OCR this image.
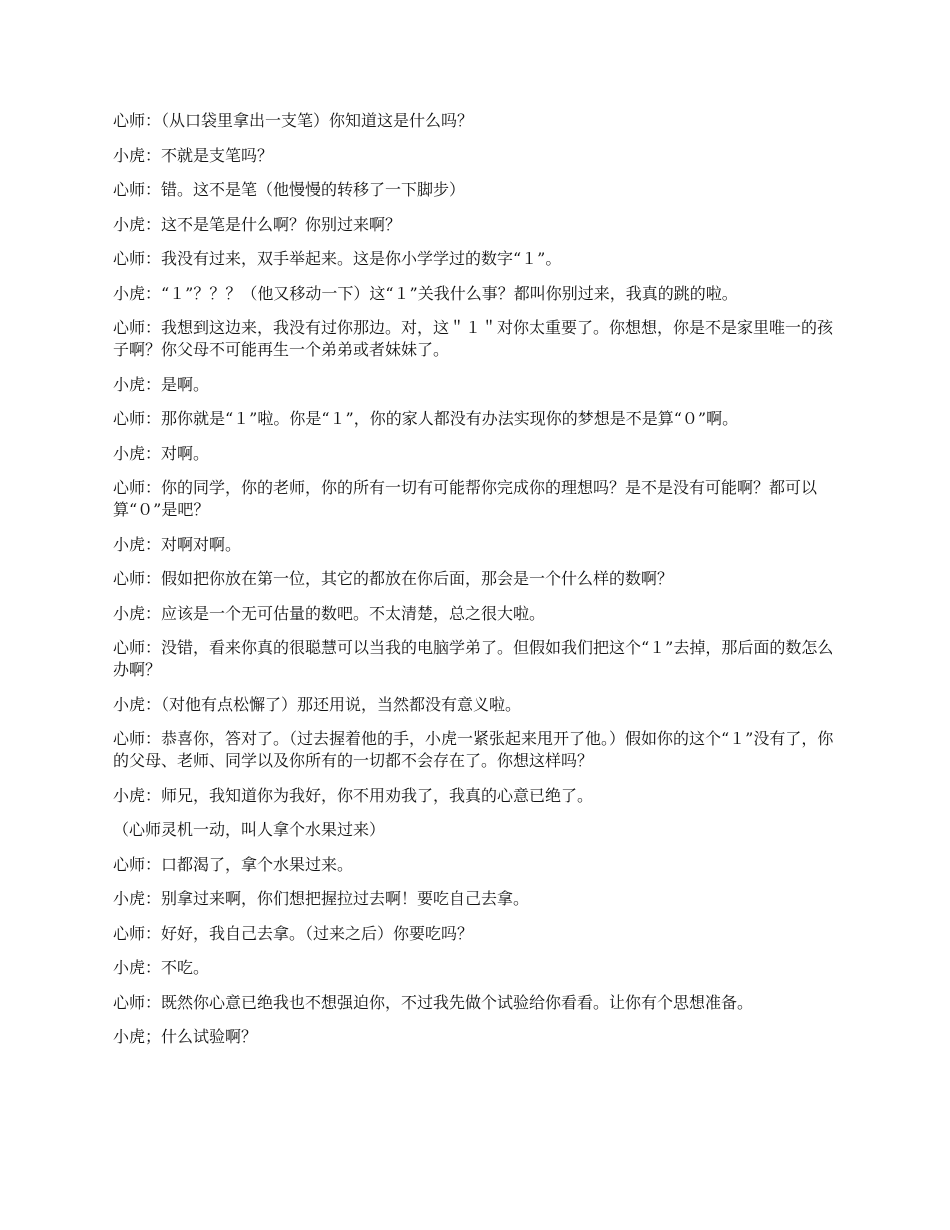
心师：（从口袋里拿出一支笔）你知道这是什么吗？

小虎：不就是支笔吗？

心师：错。这不是笔（他慢慢的转移了一下脚步）

小虎：这不是笔是什么啊？你别过来啊？

心师：我没有过来，双手举起来。这是你小学学过的数字“１”。

小虎：“１”？？？（他又移动一下）这“１”关我什么事？都叫你别过来，我真的跳的啦。

心师：我想到这边来，我没有过你那边。对，这＂１＂对你太重要了。你想想，你是不是家里唯一的孩子啊？你父母不可能再生一个弟弟或者妹妹了。

小虎：是啊。

心师：那你就是“１”啦。你是“１”，你的家人都没有办法实现你的梦想是不是算“０”啊。

小虎：对啊。

心师：你的同学，你的老师，你的所有一切有可能帮你完成你的理想吗？是不是没有可能啊？都可以算“０”是吧？

小虎：对啊对啊。

心师：假如把你放在第一位，其它的都放在你后面，那会是一个什么样的数啊？

小虎：应该是一个无可估量的数吧。不太清楚，总之很大啦。

心师：没错，看来你真的很聪慧可以当我的电脑学弟了。但假如我们把这个“１”去掉，那后面的数怎么办啊？

小虎：（对他有点松懈了）那还用说，当然都没有意义啦。

心师：恭喜你，答对了。（过去握着他的手，小虎一紧张起来甩开了他。）假如你的这个“１”没有了，你的父母、老师、同学以及你所有的一切都不会存在了。你想这样吗？

小虎：师兄，我知道你为我好，你不用劝我了，我真的心意已绝了。

（心师灵机一动，叫人拿个水果过来）

心师：口都渴了，拿个水果过来。

小虎：别拿过来啊，你们想把握拉过去啊！要吃自己去拿。

心师：好好，我自己去拿。（过来之后）你要吃吗？

小虎：不吃。

心师：既然你心意已绝我也不想强迫你，不过我先做个试验给你看看。让你有个思想准备。

小虎；什么试验啊？
